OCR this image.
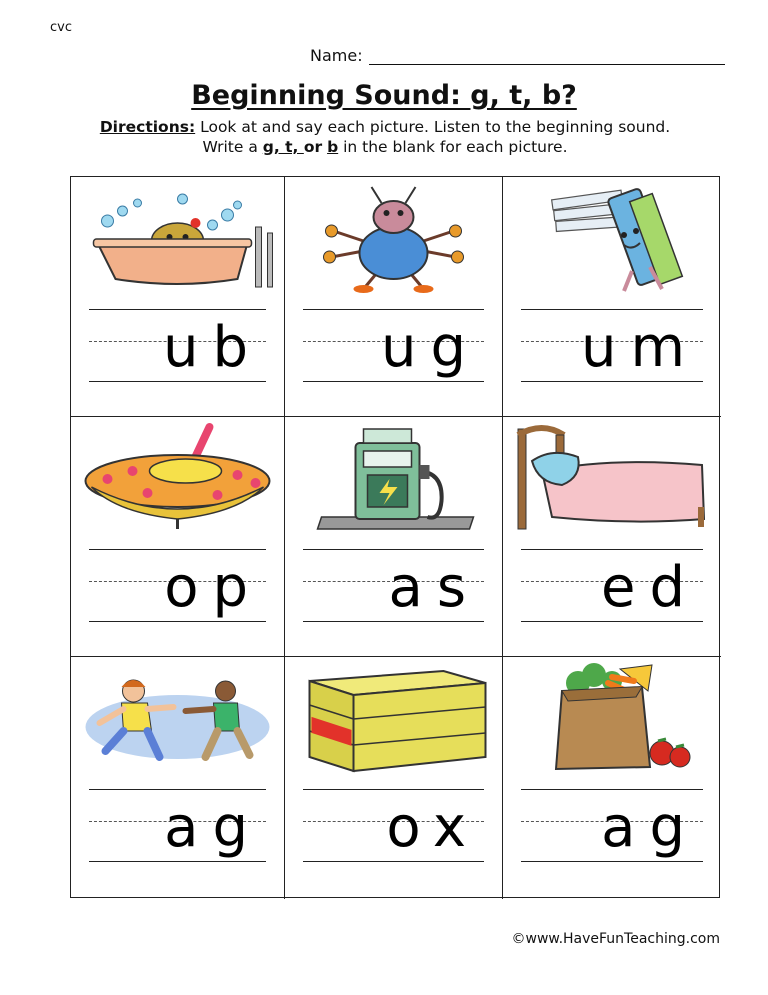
cvc
Name:
Beginning Sound: g, t, b?
Directions: Look at and say each picture. Listen to the beginning sound.
Write a g, t, or b in the blank for each picture.
ub ug um
op as ed
ag ox ag
©www.HaveFunTeaching.com
